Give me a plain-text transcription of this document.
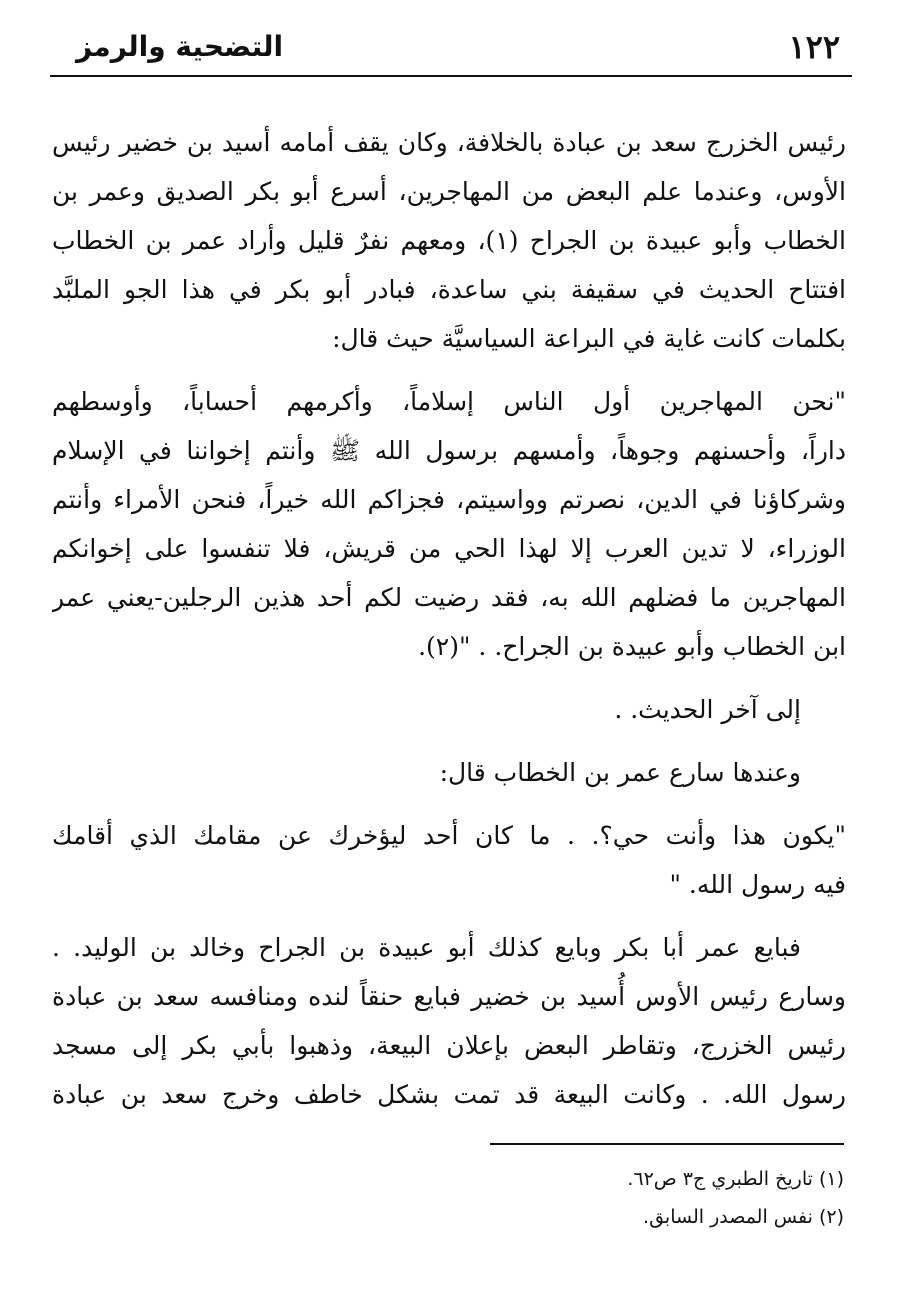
١٢٢
التضحية والرمز
رئيس الخزرج سعد بن عبادة بالخلافة، وكان يقف أمامه أسيد بن خضير رئيس
الأوس، وعندما علم البعض من المهاجرين، أسرع أبو بكر الصديق وعمر بن
الخطاب وأبو عبيدة بن الجراح (١)، ومعهم نفرٌ قليل وأراد عمر بن الخطاب
افتتاح الحديث في سقيفة بني ساعدة، فبادر أبو بكر في هذا الجو الملبَّد
بكلمات كانت غاية في البراعة السياسيَّة حيث قال:
"نحن المهاجرين أول الناس إسلاماً، وأكرمهم أحساباً، وأوسطهم
داراً، وأحسنهم وجوهاً، وأمسهم برسول الله ﷺ وأنتم إخواننا في الإسلام
وشركاؤنا في الدين، نصرتم وواسيتم، فجزاكم الله خيراً، فنحن الأمراء وأنتم
الوزراء، لا تدين العرب إلا لهذا الحي من قريش، فلا تنفسوا على إخوانكم
المهاجرين ما فضلهم الله به، فقد رضيت لكم أحد هذين الرجلين-يعني عمر
ابن الخطاب وأبو عبيدة بن الجراح. . "(٢).
إلى آخر الحديث. .
وعندها سارع عمر بن الخطاب قال:
"يكون هذا وأنت حي؟. . ما كان أحد ليؤخرك عن مقامك الذي أقامك
فيه رسول الله. "
فبايع عمر أبا بكر وبايع كذلك أبو عبيدة بن الجراح وخالد بن الوليد. .
وسارع رئيس الأوس أُسيد بن خضير فبايع حنقاً لنده ومنافسه سعد بن عبادة
رئيس الخزرج، وتقاطر البعض بإعلان البيعة، وذهبوا بأبي بكر إلى مسجد
رسول الله. . وكانت البيعة قد تمت بشكل خاطف وخرج سعد بن عبادة
(١) تاريخ الطبري ج٣ ص٦٢.
(٢) نفس المصدر السابق.
